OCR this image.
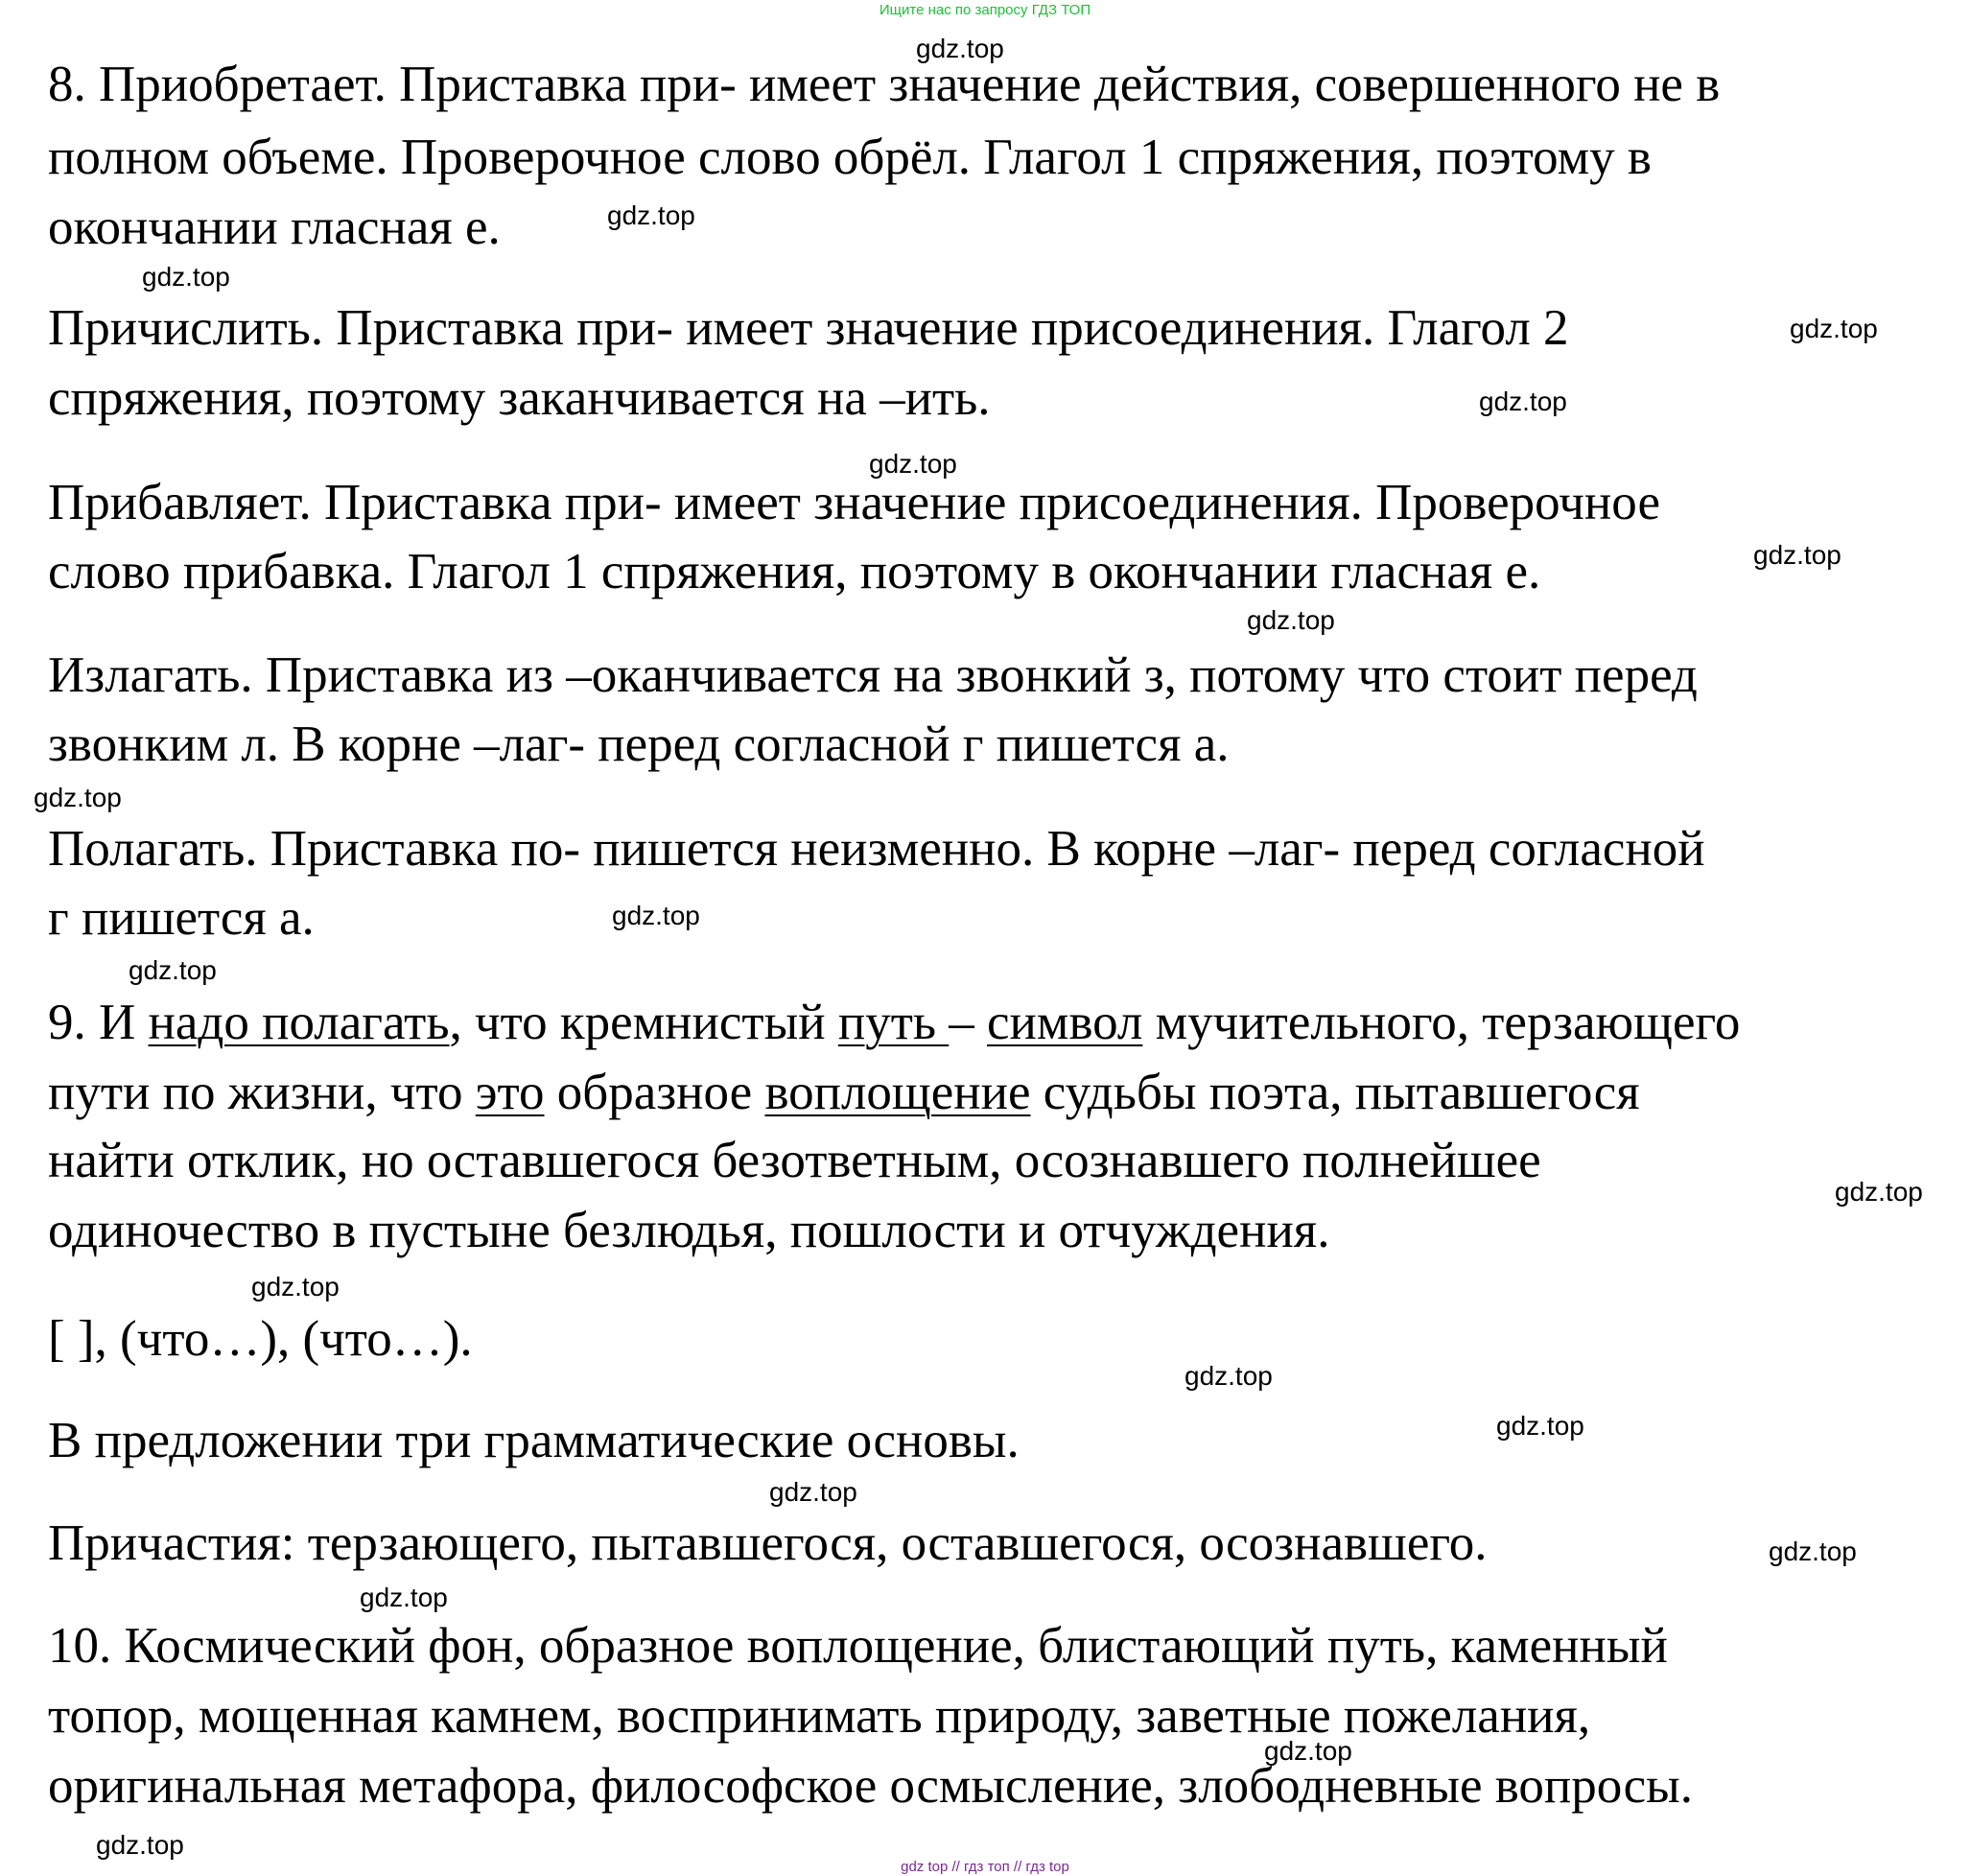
Ищите нас по запросу ГДЗ ТОП
8. Приобретает. Приставка при- имеет значение действия, совершенного не в
полном объеме. Проверочное слово обрёл. Глагол 1 спряжения, поэтому в
окончании гласная е.
Причислить. Приставка при- имеет значение присоединения. Глагол 2
спряжения, поэтому заканчивается на –ить.
Прибавляет. Приставка при- имеет значение присоединения. Проверочное
слово прибавка. Глагол 1 спряжения, поэтому в окончании гласная е.
Излагать. Приставка из –оканчивается на звонкий з, потому что стоит перед
звонким л. В корне –лаг- перед согласной г пишется а.
Полагать. Приставка по- пишется неизменно. В корне –лаг- перед согласной
г пишется а.
9. И надо полагать, что кремнистый путь – символ мучительного, терзающего
пути по жизни, что это образное воплощение судьбы поэта, пытавшегося
найти отклик, но оставшегося безответным, осознавшего полнейшее
одиночество в пустыне безлюдья, пошлости и отчуждения.
[ ], (что…), (что…).
В предложении три грамматические основы.
Причастия: терзающего, пытавшегося, оставшегося, осознавшего.
10. Космический фон, образное воплощение, блистающий путь, каменный
топор, мощенная камнем, воспринимать природу, заветные пожелания,
оригинальная метафора, философское осмысление, злободневные вопросы.
gdz.top
gdz.top
gdz.top
gdz.top
gdz.top
gdz.top
gdz.top
gdz.top
gdz.top
gdz.top
gdz.top
gdz.top
gdz.top
gdz.top
gdz.top
gdz.top
gdz.top
gdz.top
gdz.top
gdz.top
gdz top // гдз топ // гдз top
